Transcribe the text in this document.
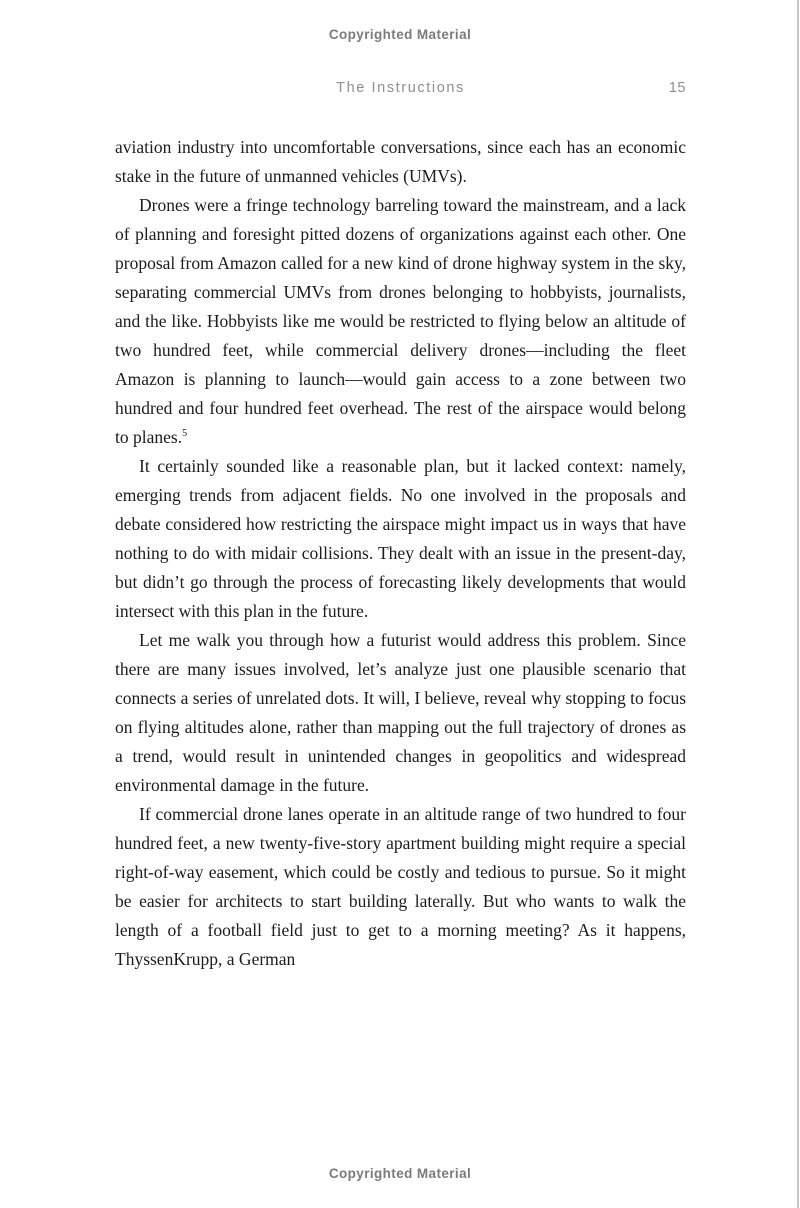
Copyrighted Material
The Instructions	15

aviation industry into uncomfortable conversations, since each has an economic stake in the future of unmanned vehicles (UMVs).

Drones were a fringe technology barreling toward the mainstream, and a lack of planning and foresight pitted dozens of organizations against each other. One proposal from Amazon called for a new kind of drone highway system in the sky, separating commercial UMVs from drones belonging to hobbyists, journalists, and the like. Hobbyists like me would be restricted to flying below an altitude of two hundred feet, while commercial delivery drones—including the fleet Amazon is planning to launch—would gain access to a zone between two hundred and four hundred feet overhead. The rest of the airspace would belong to planes.$^5$

It certainly sounded like a reasonable plan, but it lacked context: namely, emerging trends from adjacent fields. No one involved in the proposals and debate considered how restricting the airspace might impact us in ways that have nothing to do with midair collisions. They dealt with an issue in the present-day, but didn’t go through the process of forecasting likely developments that would intersect with this plan in the future.

Let me walk you through how a futurist would address this problem. Since there are many issues involved, let’s analyze just one plausible scenario that connects a series of unrelated dots. It will, I believe, reveal why stopping to focus on flying altitudes alone, rather than mapping out the full trajectory of drones as a trend, would result in unintended changes in geopolitics and widespread environmental damage in the future.

If commercial drone lanes operate in an altitude range of two hundred to four hundred feet, a new twenty-five-story apartment building might require a special right-of-way easement, which could be costly and tedious to pursue. So it might be easier for architects to start building laterally. But who wants to walk the length of a football field just to get to a morning meeting? As it happens, ThyssenKrupp, a German

Copyrighted Material
